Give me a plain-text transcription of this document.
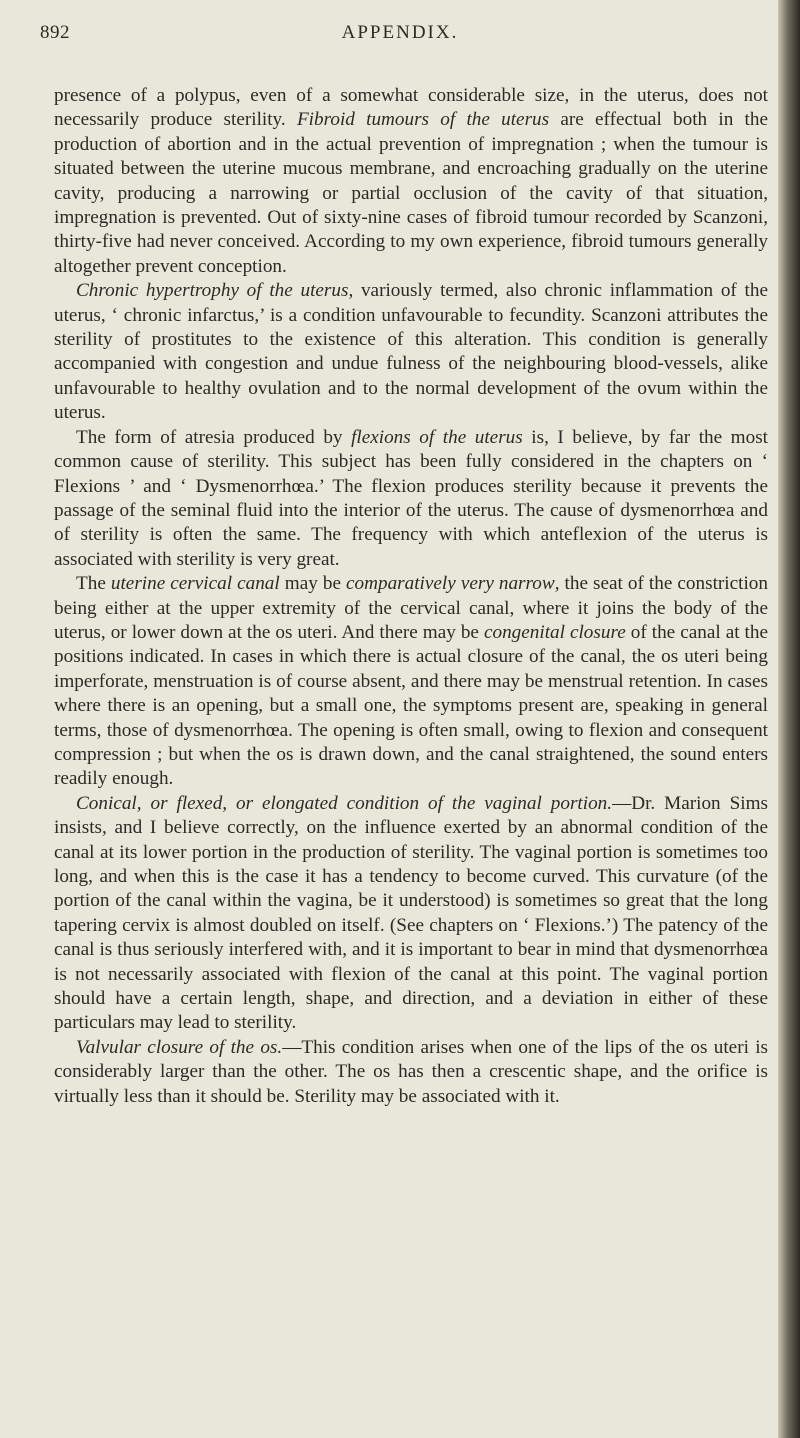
892	APPENDIX.

presence of a polypus, even of a somewhat considerable size, in the uterus, does not necessarily produce sterility. Fibroid tumours of the uterus are effectual both in the production of abortion and in the actual prevention of impregnation ; when the tumour is situated between the uterine mucous membrane, and encroaching gradually on the uterine cavity, producing a narrowing or partial occlusion of the cavity of that situation, impregnation is prevented. Out of sixty-nine cases of fibroid tumour recorded by Scanzoni, thirty-five had never conceived. According to my own experience, fibroid tumours generally altogether prevent conception.

Chronic hypertrophy of the uterus, variously termed, also chronic inflammation of the uterus, ‘ chronic infarctus,’ is a condition unfavourable to fecundity. Scanzoni attributes the sterility of prostitutes to the existence of this alteration. This condition is generally accompanied with congestion and undue fulness of the neighbouring blood-vessels, alike unfavourable to healthy ovulation and to the normal development of the ovum within the uterus.

The form of atresia produced by flexions of the uterus is, I believe, by far the most common cause of sterility. This subject has been fully considered in the chapters on ‘ Flexions ’ and ‘ Dysmenorrhœa.’ The flexion produces sterility because it prevents the passage of the seminal fluid into the interior of the uterus. The cause of dysmenorrhœa and of sterility is often the same. The frequency with which anteflexion of the uterus is associated with sterility is very great.

The uterine cervical canal may be comparatively very narrow, the seat of the constriction being either at the upper extremity of the cervical canal, where it joins the body of the uterus, or lower down at the os uteri. And there may be congenital closure of the canal at the positions indicated. In cases in which there is actual closure of the canal, the os uteri being imperforate, menstruation is of course absent, and there may be menstrual retention. In cases where there is an opening, but a small one, the symptoms present are, speaking in general terms, those of dysmenorrhœa. The opening is often small, owing to flexion and consequent compression ; but when the os is drawn down, and the canal straightened, the sound enters readily enough.

Conical, or flexed, or elongated condition of the vaginal portion.—Dr. Marion Sims insists, and I believe correctly, on the influence exerted by an abnormal condition of the canal at its lower portion in the production of sterility. The vaginal portion is sometimes too long, and when this is the case it has a tendency to become curved. This curvature (of the portion of the canal within the vagina, be it understood) is sometimes so great that the long tapering cervix is almost doubled on itself. (See chapters on ‘ Flexions.’) The patency of the canal is thus seriously interfered with, and it is important to bear in mind that dysmenorrhœa is not necessarily associated with flexion of the canal at this point. The vaginal portion should have a certain length, shape, and direction, and a deviation in either of these particulars may lead to sterility.

Valvular closure of the os.—This condition arises when one of the lips of the os uteri is considerably larger than the other. The os has then a crescentic shape, and the orifice is virtually less than it should be. Sterility may be associated with it.
